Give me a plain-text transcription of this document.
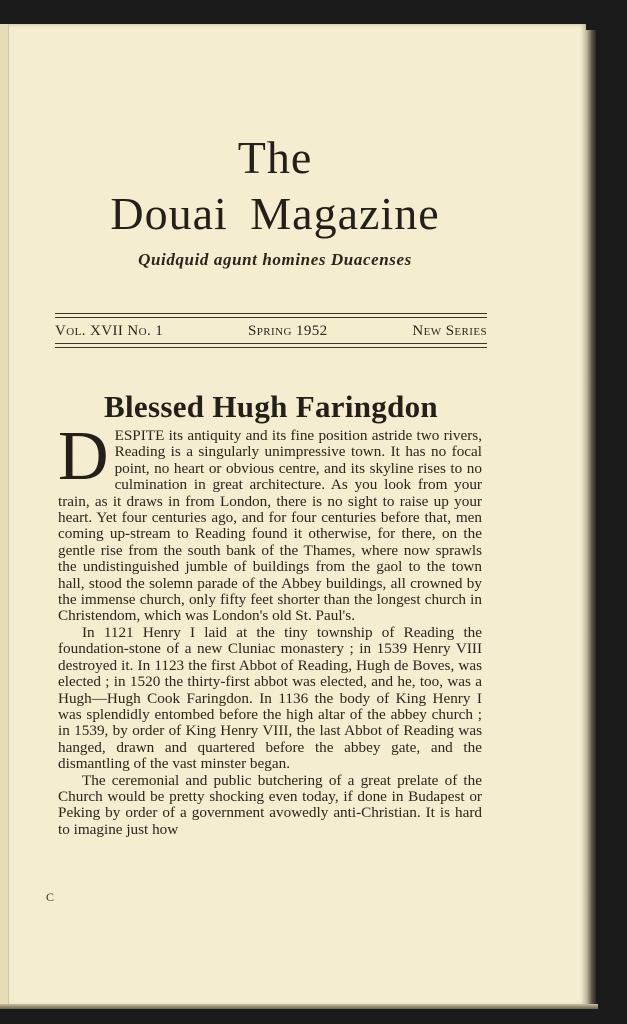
The
Douai Magazine
Quidquid agunt homines Duacenses
Vol. XVII No. 1	Spring 1952	New Series
Blessed Hugh Faringdon

DESPITE its antiquity and its fine position astride two rivers, Reading is a singularly unimpressive town. It has no focal point, no heart or obvious centre, and its skyline rises to no culmination in great architecture. As you look from your train, as it draws in from London, there is no sight to raise up your heart. Yet four centuries ago, and for four centuries before that, men coming up-stream to Reading found it otherwise, for there, on the gentle rise from the south bank of the Thames, where now sprawls the undistinguished jumble of buildings from the gaol to the town hall, stood the solemn parade of the Abbey buildings, all crowned by the immense church, only fifty feet shorter than the longest church in Christendom, which was London's old St. Paul's.

In 1121 Henry I laid at the tiny township of Reading the foundation-stone of a new Cluniac monastery ; in 1539 Henry VIII destroyed it. In 1123 the first Abbot of Reading, Hugh de Boves, was elected ; in 1520 the thirty-first abbot was elected, and he, too, was a Hugh—Hugh Cook Faringdon. In 1136 the body of King Henry I was splendidly entombed before the high altar of the abbey church ; in 1539, by order of King Henry VIII, the last Abbot of Reading was hanged, drawn and quartered before the abbey gate, and the dismantling of the vast minster began.

The ceremonial and public butchering of a great prelate of the Church would be pretty shocking even today, if done in Budapest or Peking by order of a government avowedly anti-Christian. It is hard to imagine just how

C
